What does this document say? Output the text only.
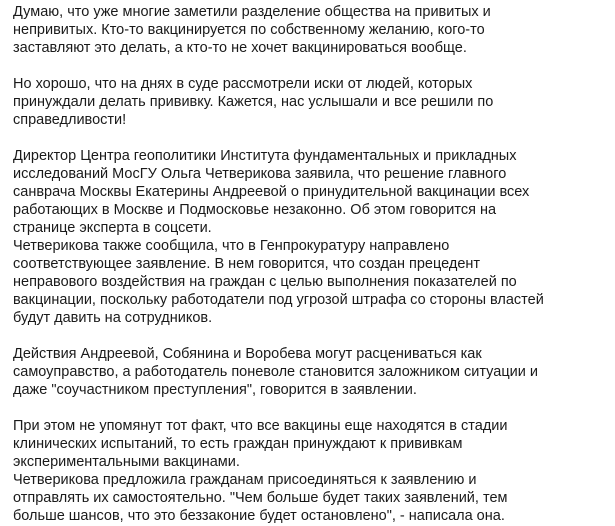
Думаю, что уже многие заметили разделение общества на привитых и
непривитых. Кто-то вакцинируется по собственному желанию, кого-то
заставляют это делать, а кто-то не хочет вакцинироваться вообще.

Но хорошо, что на днях в суде рассмотрели иски от людей, которых
принуждали делать прививку. Кажется, нас услышали и все решили по
справедливости!

Директор Центра геополитики Института фундаментальных и прикладных
исследований МосГУ Ольга Четверикова заявила, что решение главного
санврача Москвы Екатерины Андреевой о принудительной вакцинации всех
работающих в Москве и Подмосковье незаконно. Об этом говорится на
странице эксперта в соцсети.
Четверикова также сообщила, что в Генпрокуратуру направлено
соответствующее заявление. В нем говорится, что создан прецедент
неправового воздействия на граждан с целью выполнения показателей по
вакцинации, поскольку работодатели под угрозой штрафа со стороны властей
будут давить на сотрудников.

Действия Андреевой, Собянина и Воробева могут расцениваться как
самоуправство, а работодатель поневоле становится заложником ситуации и
даже "соучастником преступления", говорится в заявлении.

При этом не упомянут тот факт, что все вакцины еще находятся в стадии
клинических испытаний, то есть граждан принуждают к прививкам
экспериментальными вакцинами.
Четверикова предложила гражданам присоединяться к заявлению и
отправлять их самостоятельно. "Чем больше будет таких заявлений, тем
больше шансов, что это беззаконие будет остановлено", - написала она.
